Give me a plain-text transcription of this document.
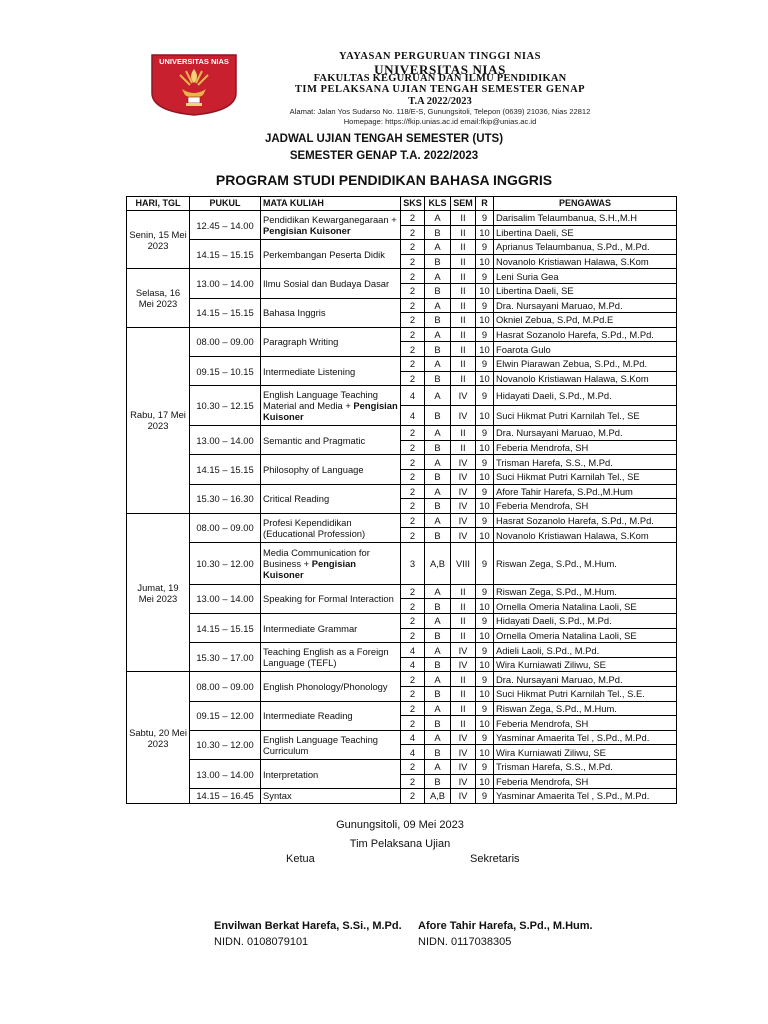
UNIVERSITAS NIAS	YAYASAN PERGURUAN TINGGI NIAS
UNIVERSITAS NIAS
FAKULTAS KEGURUAN DAN ILMU PENDIDIKAN
TIM PELAKSANA UJIAN TENGAH SEMESTER GENAP
T.A 2022/2023
Alamat: Jalan Yos Sudarso No. 118/E-S, Gunungsitoli, Telepon (0639) 21036, Nias 22812
Homepage: https://fkip.unias.ac.id email:fkip@unias.ac.id
JADWAL UJIAN TENGAH SEMESTER (UTS)
SEMESTER GENAP T.A. 2022/2023
PROGRAM STUDI PENDIDIKAN BAHASA INGGRIS
HARI, TGL	PUKUL	MATA KULIAH	SKS	KLS	SEM	R	PENGAWAS
Senin, 15 Mei 2023	12.45 – 14.00	Pendidikan Kewarganegaraan + Pengisian Kuisoner	2	A	II	9	Darisalim Telaumbanua, S.H.,M.H
			2	B	II	10	Libertina Daeli, SE
	14.15 – 15.15	Perkembangan Peserta Didik	2	A	II	9	Aprianus Telaumbanua, S.Pd., M.Pd.
			2	B	II	10	Novanolo Kristiawan Halawa, S.Kom
Selasa, 16 Mei 2023	13.00 – 14.00	Ilmu Sosial dan Budaya Dasar	2	A	II	9	Leni Suria Gea
			2	B	II	10	Libertina Daeli, SE
	14.15 – 15.15	Bahasa Inggris	2	A	II	9	Dra. Nursayani Maruao, M.Pd.
			2	B	II	10	Okniel Zebua, S.Pd, M.Pd.E
Rabu, 17 Mei 2023	08.00 – 09.00	Paragraph Writing	2	A	II	9	Hasrat Sozanolo Harefa, S.Pd., M.Pd.
			2	B	II	10	Foarota Gulo
	09.15 – 10.15	Intermediate Listening	2	A	II	9	Elwin Piarawan Zebua, S.Pd., M.Pd.
			2	B	II	10	Novanolo Kristiawan Halawa, S.Kom
	10.30 – 12.15	English Language Teaching Material and Media + Pengisian Kuisoner	4	A	IV	9	Hidayati Daeli, S.Pd., M.Pd.
			4	B	IV	10	Suci Hikmat Putri Karnilah Tel., SE
	13.00 – 14.00	Semantic and Pragmatic	2	A	II	9	Dra. Nursayani Maruao, M.Pd.
			2	B	II	10	Feberia Mendrofa, SH
	14.15 – 15.15	Philosophy of Language	2	A	IV	9	Trisman Harefa, S.S., M.Pd.
			2	B	IV	10	Suci Hikmat Putri Karnilah Tel., SE
	15.30 – 16.30	Critical Reading	2	A	IV	9	Afore Tahir Harefa, S.Pd.,M.Hum
			2	B	IV	10	Feberia Mendrofa, SH
Jumat, 19 Mei 2023	08.00 – 09.00	Profesi Kependidikan (Educational Profession)	2	A	IV	9	Hasrat Sozanolo Harefa, S.Pd., M.Pd.
			2	B	IV	10	Novanolo Kristiawan Halawa, S.Kom
	10.30 – 12.00	Media Communication for Business + Pengisian Kuisoner	3	A,B	VIII	9	Riswan Zega, S.Pd., M.Hum.
	13.00 – 14.00	Speaking for Formal Interaction	2	A	II	9	Riswan Zega, S.Pd., M.Hum.
			2	B	II	10	Ornella Omeria Natalina Laoli, SE
	14.15 – 15.15	Intermediate Grammar	2	A	II	9	Hidayati Daeli, S.Pd., M.Pd.
			2	B	II	10	Ornella Omeria Natalina Laoli, SE
	15.30 – 17.00	Teaching English as a Foreign Language (TEFL)	4	A	IV	9	Adieli Laoli, S.Pd., M.Pd.
			4	B	IV	10	Wira Kurniawati Ziliwu, SE
Sabtu, 20 Mei 2023	08.00 – 09.00	English Phonology/Phonology	2	A	II	9	Dra. Nursayani Maruao, M.Pd.
			2	B	II	10	Suci Hikmat Putri Karnilah Tel., S.E.
	09.15 – 12.00	Intermediate Reading	2	A	II	9	Riswan Zega, S.Pd., M.Hum.
			2	B	II	10	Feberia Mendrofa, SH
	10.30 – 12.00	English Language Teaching Curriculum	4	A	IV	9	Yasminar Amaerita Tel , S.Pd., M.Pd.
			4	B	IV	10	Wira Kurniawati Ziliwu, SE
	13.00 – 14.00	Interpretation	2	A	IV	9	Trisman Harefa, S.S., M.Pd.
			2	B	IV	10	Feberia Mendrofa, SH
	14.15 – 16.45	Syntax	2	A,B	IV	9	Yasminar Amaerita Tel , S.Pd., M.Pd.
Gunungsitoli, 09 Mei 2023
Tim Pelaksana Ujian
Ketua	Sekretaris
Envilwan Berkat Harefa, S.Si., M.Pd.
NIDN. 0108079101
Afore Tahir Harefa, S.Pd., M.Hum.
NIDN. 0117038305
